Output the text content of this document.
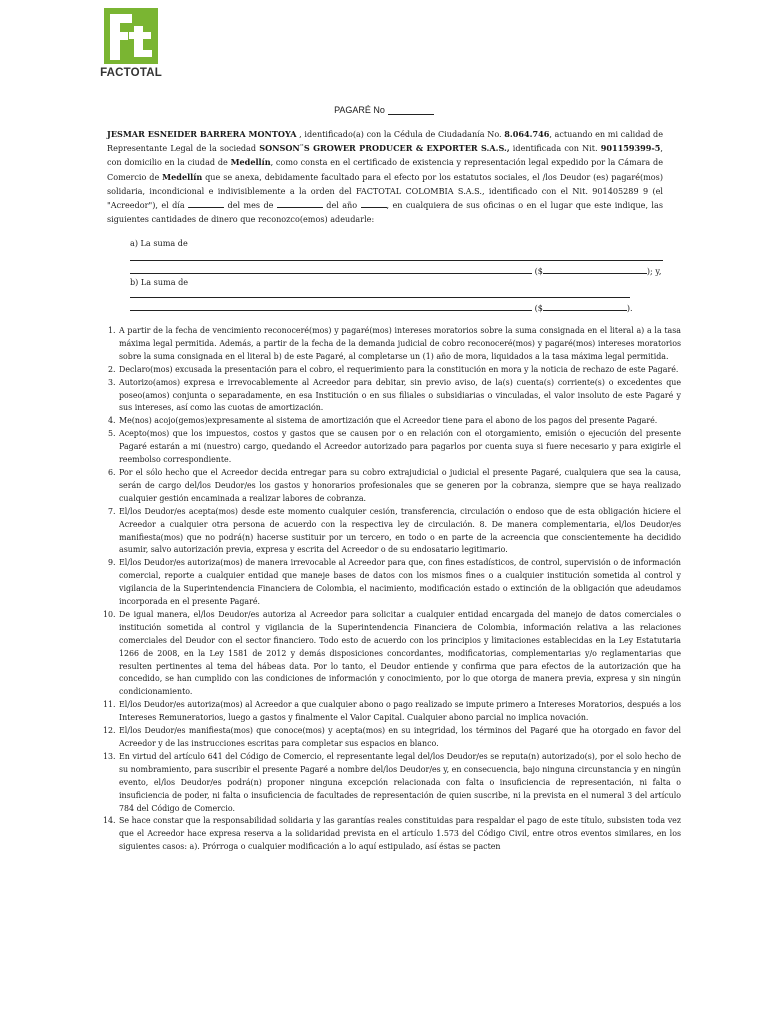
FACTOTAL
PAGARÉ No
JESMAR ESNEIDER BARRERA MONTOYA , identificado(a) con la Cédula de Ciudadanía No. 8.064.746, actuando en mi calidad de Representante Legal de la sociedad SONSON¨S GROWER PRODUCER & EXPORTER S.A.S., identificada con Nit. 901159399-5, con domicilio en la ciudad de Medellín, como consta en el certificado de existencia y representación legal expedido por la Cámara de Comercio de Medellín que se anexa, debidamente facultado para el efecto por los estatutos sociales, el /los Deudor (es) pagaré(mos) solidaria, incondicional e indivisiblemente a la orden del FACTOTAL COLOMBIA S.A.S., identificado con el Nit. 901405289 9 (el "Acreedor"), el día	del mes de	del año	, en cualquiera de sus oficinas o en el lugar que este indique, las siguientes cantidades de dinero que reconozco(emos) adeudarle:
a) La suma de
($	); y,
b) La suma de
($	).
1. A partir de la fecha de vencimiento reconoceré(mos) y pagaré(mos) intereses moratorios sobre la suma consignada en el literal a) a la tasa máxima legal permitida. Además, a partir de la fecha de la demanda judicial de cobro reconoceré(mos) y pagaré(mos) intereses moratorios sobre la suma consignada en el literal b) de este Pagaré, al completarse un (1) año de mora, liquidados a la tasa máxima legal permitida.
2. Declaro(mos) excusada la presentación para el cobro, el requerimiento para la constitución en mora y la noticia de rechazo de este Pagaré.
3. Autorizo(amos) expresa e irrevocablemente al Acreedor para debitar, sin previo aviso, de la(s) cuenta(s) corriente(s) o excedentes que poseo(amos) conjunta o separadamente, en esa Institución o en sus filiales o subsidiarias o vinculadas, el valor insoluto de este Pagaré y sus intereses, así como las cuotas de amortización.
4. Me(nos) acojo(gemos)expresamente al sistema de amortización que el Acreedor tiene para el abono de los pagos del presente Pagaré.
5. Acepto(mos) que los impuestos, costos y gastos que se causen por o en relación con el otorgamiento, emisión o ejecución del presente Pagaré estarán a mi (nuestro) cargo, quedando el Acreedor autorizado para pagarlos por cuenta suya si fuere necesario y para exigirle el reembolso correspondiente.
6. Por el sólo hecho que el Acreedor decida entregar para su cobro extrajudicial o judicial el presente Pagaré, cualquiera que sea la causa, serán de cargo del/los Deudor/es los gastos y honorarios profesionales que se generen por la cobranza, siempre que se haya realizado cualquier gestión encaminada a realizar labores de cobranza.
7. El/los Deudor/es acepta(mos) desde este momento cualquier cesión, transferencia, circulación o endoso que de esta obligación hiciere el Acreedor a cualquier otra persona de acuerdo con la respectiva ley de circulación. 8. De manera complementaria, el/los Deudor/es manifiesta(mos) que no podrá(n) hacerse sustituir por un tercero, en todo o en parte de la acreencia que conscientemente ha decidido asumir, salvo autorización previa, expresa y escrita del Acreedor o de su endosatario legitimario.
9. El/los Deudor/es autoriza(mos) de manera irrevocable al Acreedor para que, con fines estadísticos, de control, supervisión o de información comercial, reporte a cualquier entidad que maneje bases de datos con los mismos fines o a cualquier institución sometida al control y vigilancia de la Superintendencia Financiera de Colombia, el nacimiento, modificación estado o extinción de la obligación que adeudamos incorporada en el presente Pagaré.
10. De igual manera, el/los Deudor/es autoriza al Acreedor para solicitar a cualquier entidad encargada del manejo de datos comerciales o institución sometida al control y vigilancia de la Superintendencia Financiera de Colombia, información relativa a las relaciones comerciales del Deudor con el sector financiero. Todo esto de acuerdo con los principios y limitaciones establecidas en la Ley Estatutaria 1266 de 2008, en la Ley 1581 de 2012 y demás disposiciones concordantes, modificatorias, complementarias y/o reglamentarias que resulten pertinentes al tema del hábeas data. Por lo tanto, el Deudor entiende y confirma que para efectos de la autorización que ha concedido, se han cumplido con las condiciones de información y conocimiento, por lo que otorga de manera previa, expresa y sin ningún condicionamiento.
11. El/los Deudor/es autoriza(mos) al Acreedor a que cualquier abono o pago realizado se impute primero a Intereses Moratorios, después a los Intereses Remuneratorios, luego a gastos y finalmente el Valor Capital. Cualquier abono parcial no implica novación.
12. El/los Deudor/es manifiesta(mos) que conoce(mos) y acepta(mos) en su integridad, los términos del Pagaré que ha otorgado en favor del Acreedor y de las instrucciones escritas para completar sus espacios en blanco.
13. En virtud del artículo 641 del Código de Comercio, el representante legal del/los Deudor/es se reputa(n) autorizado(s), por el solo hecho de su nombramiento, para suscribir el presente Pagaré a nombre del/los Deudor/es y, en consecuencia, bajo ninguna circunstancia y en ningún evento, el/los Deudor/es podrá(n) proponer ninguna excepción relacionada con falta o insuficiencia de representación, ni falta o insuficiencia de poder, ni falta o insuficiencia de facultades de representación de quien suscribe, ni la prevista en el numeral 3 del artículo 784 del Código de Comercio.
14. Se hace constar que la responsabilidad solidaria y las garantías reales constituidas para respaldar el pago de este título, subsisten toda vez que el Acreedor hace expresa reserva a la solidaridad prevista en el artículo 1.573 del Código Civil, entre otros eventos similares, en los siguientes casos: a). Prórroga o cualquier modificación a lo aquí estipulado, así éstas se pacten
